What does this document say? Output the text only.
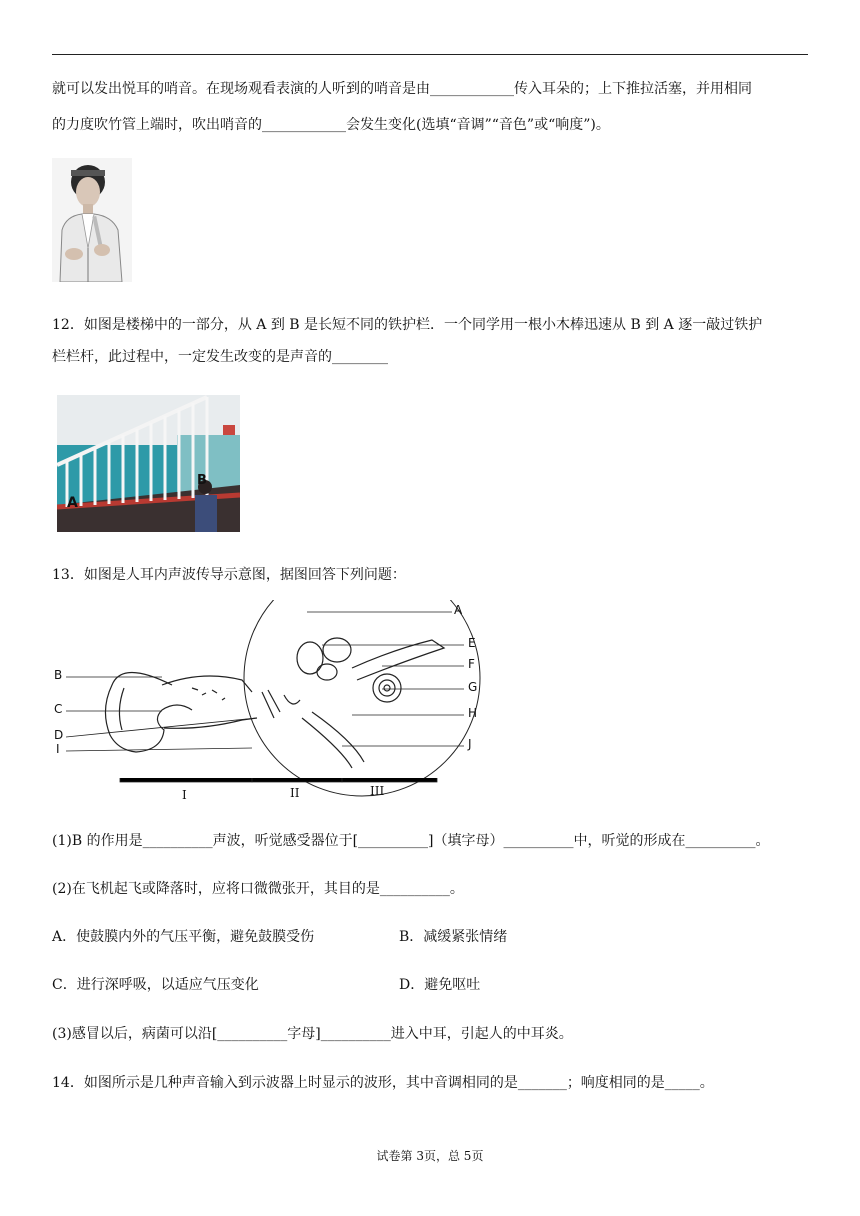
就可以发出悦耳的哨音。在现场观看表演的人听到的哨音是由____________传入耳朵的；上下推拉活塞，并用相同
的力度吹竹管上端时，吹出哨音的____________会发生变化(选填“音调”“音色”或“响度”)。
12．如图是楼梯中的一部分，从 A 到 B 是长短不同的铁护栏．一个同学用一根小木棒迅速从 B 到 A 逐一敲过铁护
栏栏杆，此过程中，一定发生改变的是声音的________
A
B
13．如图是人耳内声波传导示意图，据图回答下列问题：
B
C
D
I
A
E
F
G
H
J
I	II	III
(1)B 的作用是__________声波，听觉感受器位于[__________]（填字母）__________中，听觉的形成在__________。
(2)在飞机起飞或降落时，应将口微微张开，其目的是__________。
A．使鼓膜内外的气压平衡，避免鼓膜受伤	B．减缓紧张情绪
C．进行深呼吸，以适应气压变化	D．避免呕吐
(3)感冒以后，病菌可以沿[__________字母]__________进入中耳，引起人的中耳炎。
14．如图所示是几种声音输入到示波器上时显示的波形，其中音调相同的是_______；响度相同的是_____。
试卷第 3页，总 5页
